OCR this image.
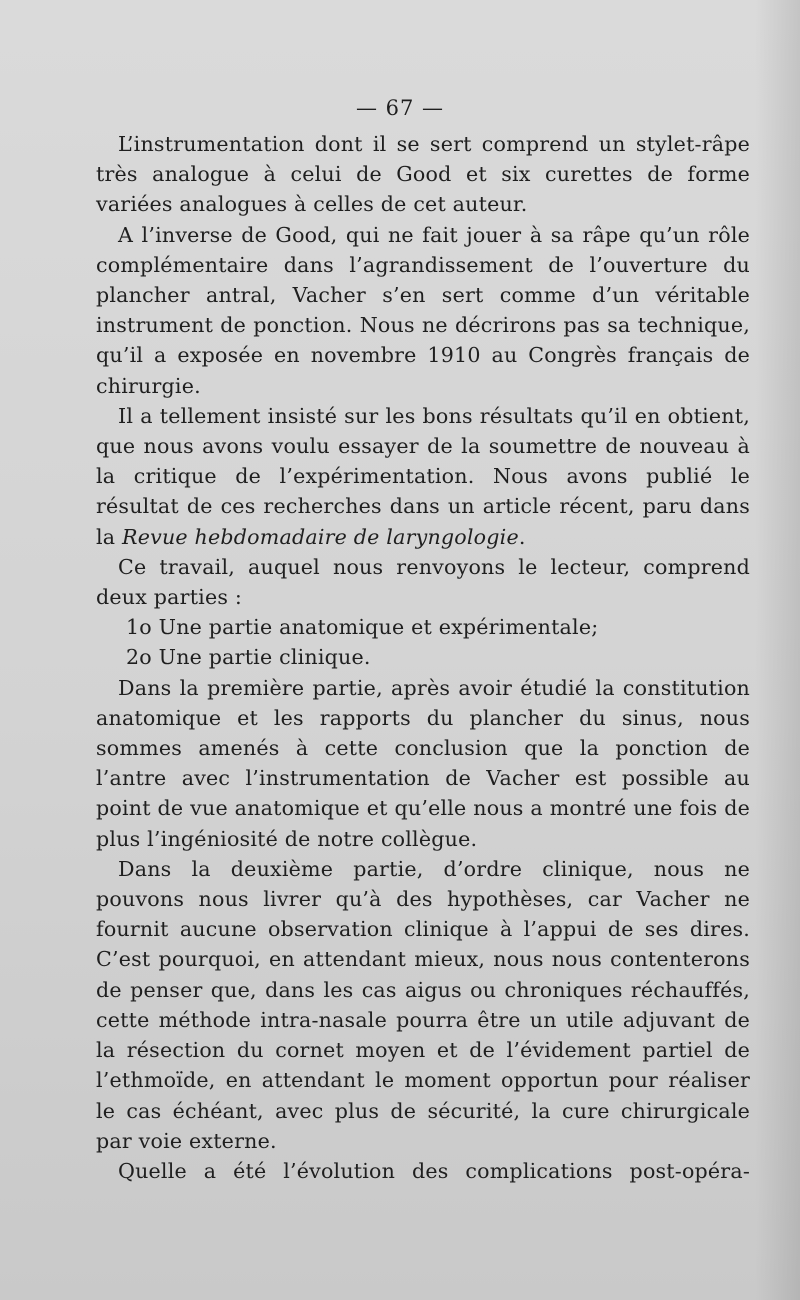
— 67 —

L’instrumentation dont il se sert comprend un stylet-râpe très analogue à celui de Good et six curettes de forme variées analogues à celles de cet auteur.

A l’inverse de Good, qui ne fait jouer à sa râpe qu’un rôle complémentaire dans l’agrandissement de l’ouverture du plancher antral, Vacher s’en sert comme d’un véritable instrument de ponction. Nous ne décrirons pas sa technique, qu’il a exposée en novembre 1910 au Congrès français de chirurgie.

Il a tellement insisté sur les bons résultats qu’il en obtient, que nous avons voulu essayer de la soumettre de nouveau à la critique de l’expérimentation. Nous avons publié le résultat de ces recherches dans un article récent, paru dans la Revue hebdomadaire de laryngologie.

Ce travail, auquel nous renvoyons le lecteur, comprend deux parties :

1o Une partie anatomique et expérimentale;

2o Une partie clinique.

Dans la première partie, après avoir étudié la constitution anatomique et les rapports du plancher du sinus, nous sommes amenés à cette conclusion que la ponction de l’antre avec l’instrumentation de Vacher est possible au point de vue anatomique et qu’elle nous a montré une fois de plus l’ingéniosité de notre collègue.

Dans la deuxième partie, d’ordre clinique, nous ne pouvons nous livrer qu’à des hypothèses, car Vacher ne fournit aucune observation clinique à l’appui de ses dires. C’est pourquoi, en attendant mieux, nous nous contenterons de penser que, dans les cas aigus ou chroniques réchauffés, cette méthode intra-nasale pourra être un utile adjuvant de la résection du cornet moyen et de l’évidement partiel de l’ethmoïde, en attendant le moment opportun pour réaliser le cas échéant, avec plus de sécurité, la cure chirurgicale par voie externe.

Quelle a été l’évolution des complications post-opéra-
